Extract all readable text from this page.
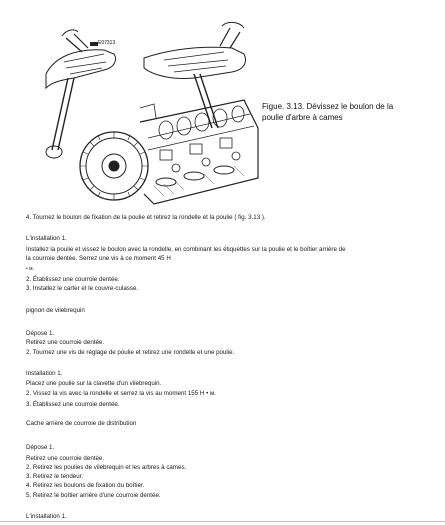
E07313
Figue. 3.13. Dévissez le boulon de la poulie d'arbre à cames
4. Tournez le boulon de fixation de la poulie et retirez la rondelle et la poulie ( fig. 3.13 ).
L'installation 1.
Installez la poulie et vissez le boulon avec la rondelle, en combinant les étiquettes sur la poulie et le boîtier arrière de
la courroie dentée. Serrez une vis à ce moment 45 H
• м.
2. Établissez une courroie dentée.
3. Installez le carter et le couvre-culasse.
pignon de vilebrequin
Dépose 1.
Retirez une courroie dentée.
2. Tournez une vis de réglage de poulie et retirez une rondelle et une poulie.
Installation 1.
Placez une poulie sur la clavette d'un vilebrequin.
2. Vissez la vis avec la rondelle et serrez la vis au moment 155 H • м.
3. Établissez une courroie dentée.
Cache arrière de courroie de distribution
Dépose 1.
Retirez une courroie dentée.
2. Retirez les poulies de vilebrequin et les arbres à cames.
3. Retirez le tendeur.
4. Retirez les boulons de fixation du boîtier.
5. Retirez le boîtier arrière d'une courroie dentée.
L'installation 1.
